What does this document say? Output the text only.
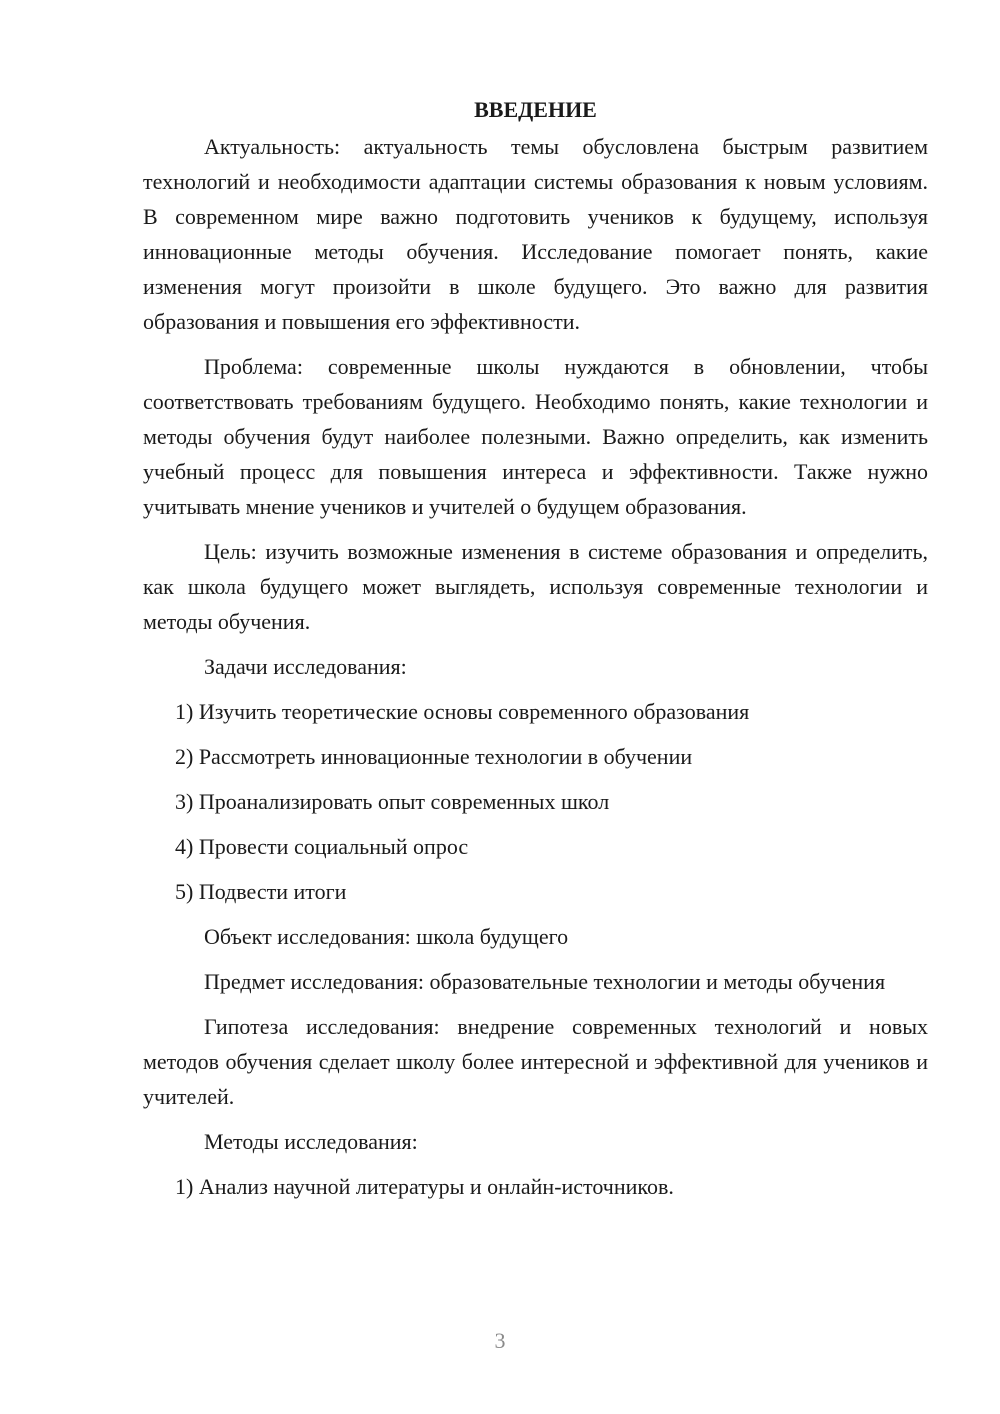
ВВЕДЕНИЕ

Актуальность: актуальность темы обусловлена быстрым развитием технологий и необходимости адаптации системы образования к новым условиям. В современном мире важно подготовить учеников к будущему, используя инновационные методы обучения. Исследование помогает понять, какие изменения могут произойти в школе будущего. Это важно для развития образования и повышения его эффективности.

Проблема: современные школы нуждаются в обновлении, чтобы соответствовать требованиям будущего. Необходимо понять, какие технологии и методы обучения будут наиболее полезными. Важно определить, как изменить учебный процесс для повышения интереса и эффективности. Также нужно учитывать мнение учеников и учителей о будущем образования.

Цель: изучить возможные изменения в системе образования и определить, как школа будущего может выглядеть, используя современные технологии и методы обучения.

Задачи исследования:

1) Изучить теоретические основы современного образования

2) Рассмотреть инновационные технологии в обучении

3) Проанализировать опыт современных школ

4) Провести социальный опрос

5) Подвести итоги

Объект исследования: школа будущего

Предмет исследования: образовательные технологии и методы обучения

Гипотеза исследования: внедрение современных технологий и новых методов обучения сделает школу более интересной и эффективной для учеников и учителей.

Методы исследования:

1) Анализ научной литературы и онлайн-источников.

3
